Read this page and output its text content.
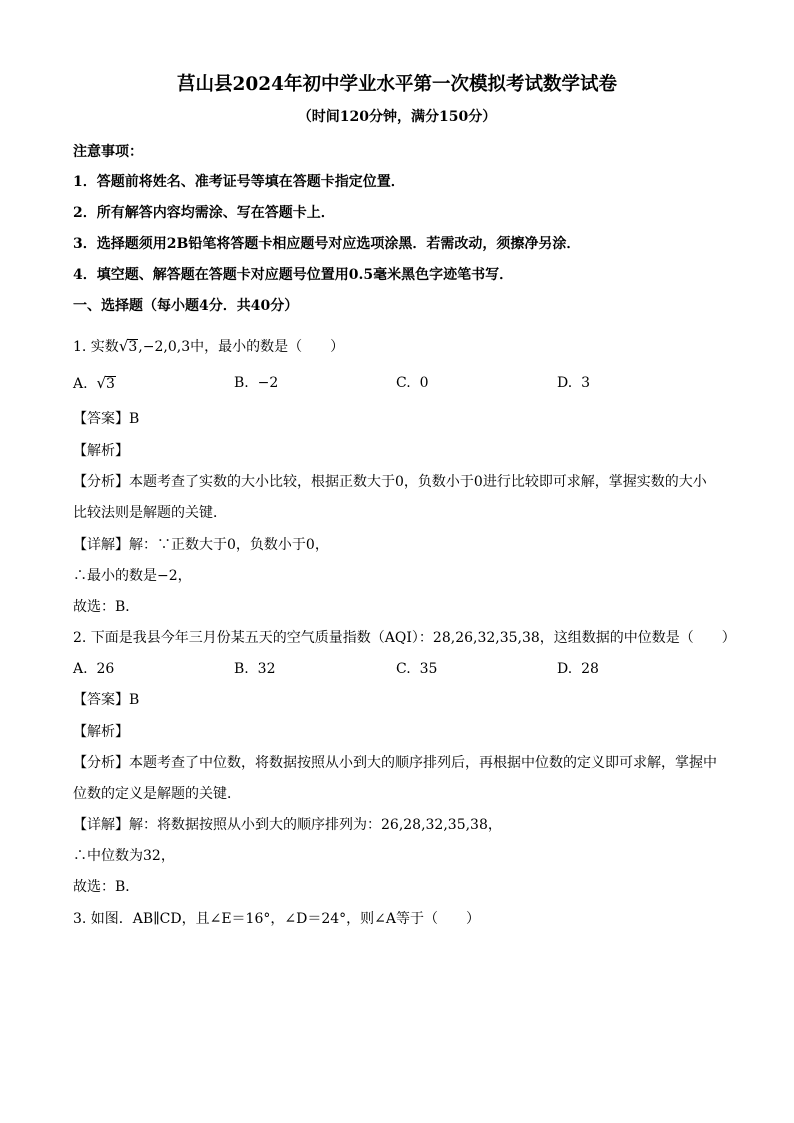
莒山县2024年初中学业水平第一次模拟考试数学试卷
（时间120分钟，满分150分）
注意事项：
1．答题前将姓名、准考证号等填在答题卡指定位置．
2．所有解答内容均需涂、写在答题卡上．
3．选择题须用2B铅笔将答题卡相应题号对应选项涂黑．若需改动，须擦净另涂．
4．填空题、解答题在答题卡对应题号位置用0.5毫米黑色字迹笔书写．
一、选择题（每小题4分．共40分）
1. 实数√3,−2,0,3中，最小的数是（　　）
A. √3	B. −2	C. 0	D. 3
【答案】B
【解析】
【分析】本题考查了实数的大小比较，根据正数大于0，负数小于0进行比较即可求解，掌握实数的大小
比较法则是解题的关键．
【详解】解：∵正数大于0，负数小于0，
∴最小的数是−2，
故选：B．
2. 下面是我县今年三月份某五天的空气质量指数（AQI）：28,26,32,35,38，这组数据的中位数是（　　）
A. 26	B. 32	C. 35	D. 28
【答案】B
【解析】
【分析】本题考查了中位数，将数据按照从小到大的顺序排列后，再根据中位数的定义即可求解，掌握中
位数的定义是解题的关键．
【详解】解：将数据按照从小到大的顺序排列为：26,28,32,35,38，
∴中位数为32，
故选：B．
3. 如图．AB∥CD，且∠E＝16°，∠D＝24°，则∠A等于（　　）
